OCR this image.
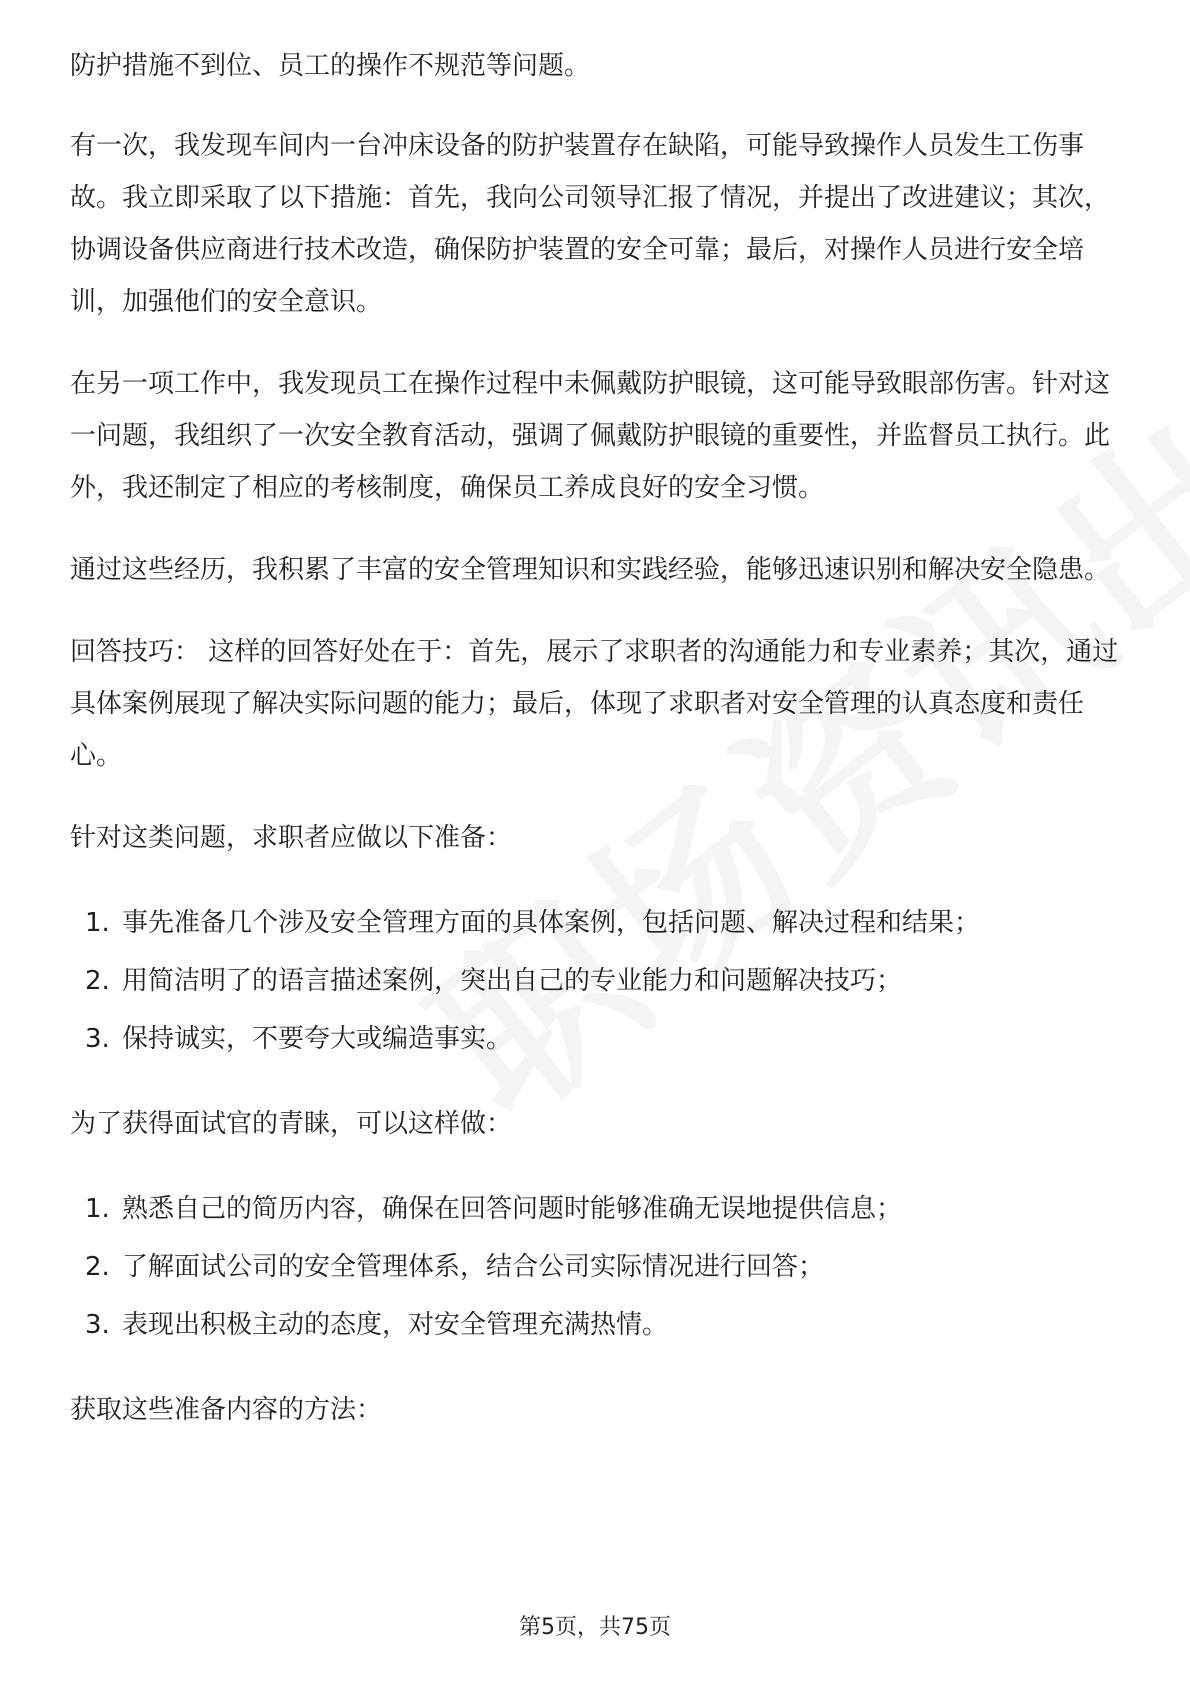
防护措施不到位、员工的操作不规范等问题。

有一次，我发现车间内一台冲床设备的防护装置存在缺陷，可能导致操作人员发生工伤事故。我立即采取了以下措施：首先，我向公司领导汇报了情况，并提出了改进建议；其次，协调设备供应商进行技术改造，确保防护装置的安全可靠；最后，对操作人员进行安全培训，加强他们的安全意识。

在另一项工作中，我发现员工在操作过程中未佩戴防护眼镜，这可能导致眼部伤害。针对这一问题，我组织了一次安全教育活动，强调了佩戴防护眼镜的重要性，并监督员工执行。此外，我还制定了相应的考核制度，确保员工养成良好的安全习惯。

通过这些经历，我积累了丰富的安全管理知识和实践经验，能够迅速识别和解决安全隐患。

回答技巧： 这样的回答好处在于：首先，展示了求职者的沟通能力和专业素养；其次，通过具体案例展现了解决实际问题的能力；最后，体现了求职者对安全管理的认真态度和责任心。

针对这类问题，求职者应做以下准备：

1. 事先准备几个涉及安全管理方面的具体案例，包括问题、解决过程和结果；
2. 用简洁明了的语言描述案例，突出自己的专业能力和问题解决技巧；
3. 保持诚实，不要夸大或编造事实。

为了获得面试官的青睐，可以这样做：

1. 熟悉自己的简历内容，确保在回答问题时能够准确无误地提供信息；
2. 了解面试公司的安全管理体系，结合公司实际情况进行回答；
3. 表现出积极主动的态度，对安全管理充满热情。

获取这些准备内容的方法：

第5页，共75页
